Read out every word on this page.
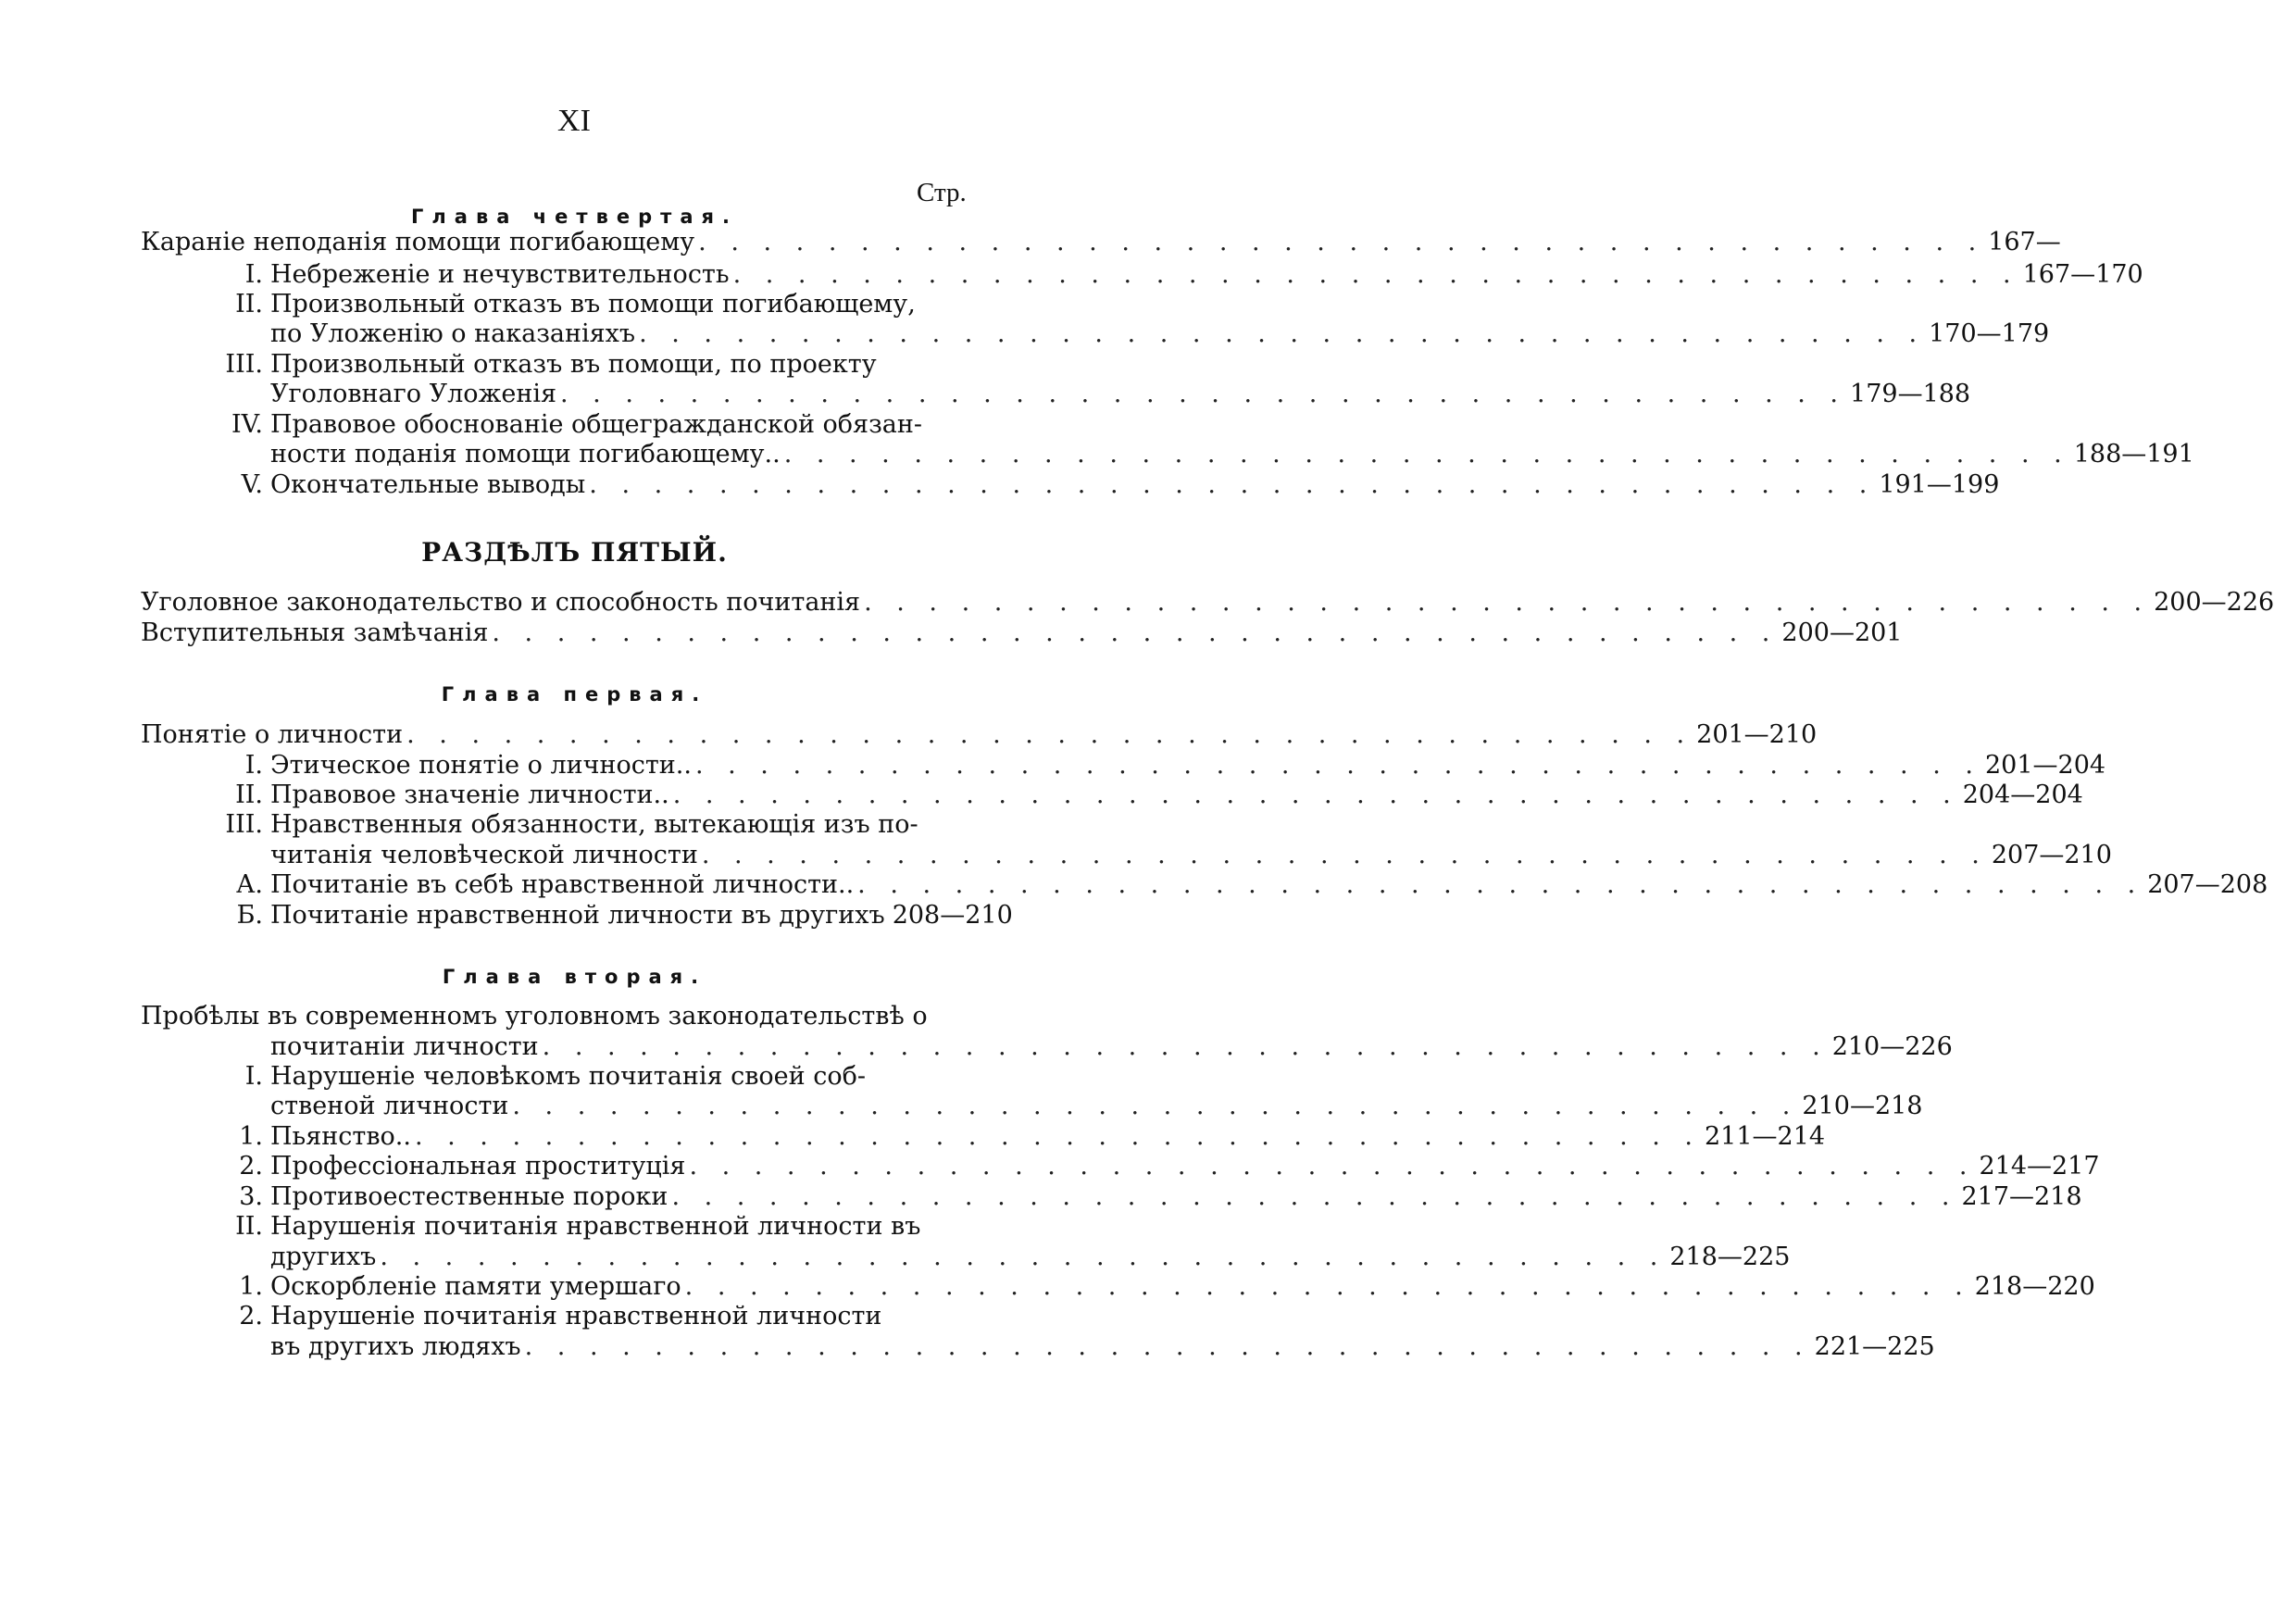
XI
Стр.
Глава четвертая.
Караніе неподанія помощи погибающему . . . . . . . . . . . . . . . . . . . . . . . . . . . . . . . . . . . . . . . . 167—
I. Небреженіе и нечувствительность . . . . . . . . . . . . . . . . . . . . . . . . . . . . . . . . . . . . . . . . 167—170
II. Произвольный отказъ въ помощи погибающему,
по Уложенію о наказаніяхъ . . . . . . . . . . . . . . . . . . . . . . . . . . . . . . . . . . . . . . . . 170—179
III. Произвольный отказъ въ помощи, по проекту
Уголовнаго Уложенія . . . . . . . . . . . . . . . . . . . . . . . . . . . . . . . . . . . . . . . . 179—188
IV. Правовое обоснованіе общегражданской обязан-
ности поданія помощи погибающему.. . . . . . . . . . . . . . . . . . . . . . . . . . . . . . . . . . . . . . . . . 188—191
V. Окончательные выводы . . . . . . . . . . . . . . . . . . . . . . . . . . . . . . . . . . . . . . . . 191—199
РАЗДѢЛЪ ПЯТЫЙ.
Уголовное законодательство и способность почитанія . . . . . . . . . . . . . . . . . . . . . . . . . . . . . . . . . . . . . . . . 200—226
Вступительныя замѣчанія . . . . . . . . . . . . . . . . . . . . . . . . . . . . . . . . . . . . . . . . 200—201
Глава первая.
Понятіе о личности . . . . . . . . . . . . . . . . . . . . . . . . . . . . . . . . . . . . . . . . 201—210
I. Этическое понятіе о личности.. . . . . . . . . . . . . . . . . . . . . . . . . . . . . . . . . . . . . . . . . 201—204
II. Правовое значеніе личности.. . . . . . . . . . . . . . . . . . . . . . . . . . . . . . . . . . . . . . . . . 204—204
III. Нравственныя обязанности, вытекающія изъ по-
читанія человѣческой личности . . . . . . . . . . . . . . . . . . . . . . . . . . . . . . . . . . . . . . . . 207—210
А. Почитаніе въ себѣ нравственной личности.. . . . . . . . . . . . . . . . . . . . . . . . . . . . . . . . . . . . . . . . . 207—208
Б. Почитаніе нравственной личности въ другихъ 208—210
Глава вторая.
Пробѣлы въ современномъ уголовномъ законодательствѣ о
почитаніи личности . . . . . . . . . . . . . . . . . . . . . . . . . . . . . . . . . . . . . . . . 210—226
I. Нарушеніе человѣкомъ почитанія своей соб-
ственой личности . . . . . . . . . . . . . . . . . . . . . . . . . . . . . . . . . . . . . . . . 210—218
1. Пьянство.. . . . . . . . . . . . . . . . . . . . . . . . . . . . . . . . . . . . . . . . . 211—214
2. Профессіональная проституція . . . . . . . . . . . . . . . . . . . . . . . . . . . . . . . . . . . . . . . . 214—217
3. Противоестественные пороки . . . . . . . . . . . . . . . . . . . . . . . . . . . . . . . . . . . . . . . . 217—218
II. Нарушенія почитанія нравственной личности въ
другихъ . . . . . . . . . . . . . . . . . . . . . . . . . . . . . . . . . . . . . . . . 218—225
1. Оскорбленіе памяти умершаго . . . . . . . . . . . . . . . . . . . . . . . . . . . . . . . . . . . . . . . . 218—220
2. Нарушеніе почитанія нравственной личности
въ другихъ людяхъ . . . . . . . . . . . . . . . . . . . . . . . . . . . . . . . . . . . . . . . . 221—225
